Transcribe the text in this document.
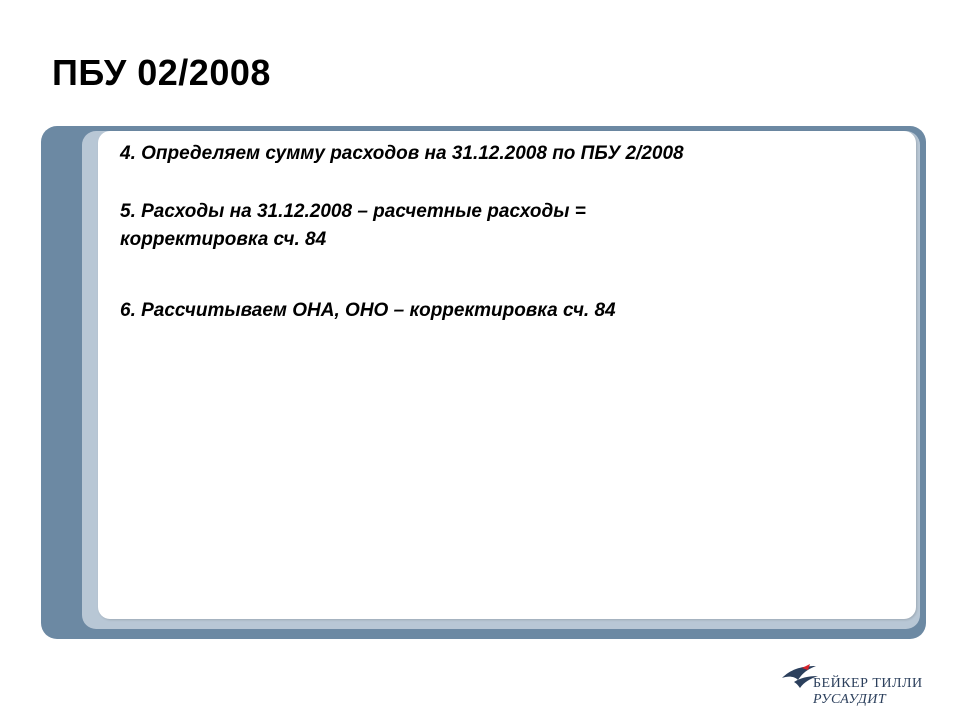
ПБУ 02/2008

4. Определяем сумму расходов на 31.12.2008 по ПБУ 2/2008

5. Расходы на 31.12.2008 – расчетные расходы =
корректировка сч. 84

6. Рассчитываем ОНА, ОНО – корректировка сч. 84

БЕЙКЕР ТИЛЛИ
РУСАУДИТ
